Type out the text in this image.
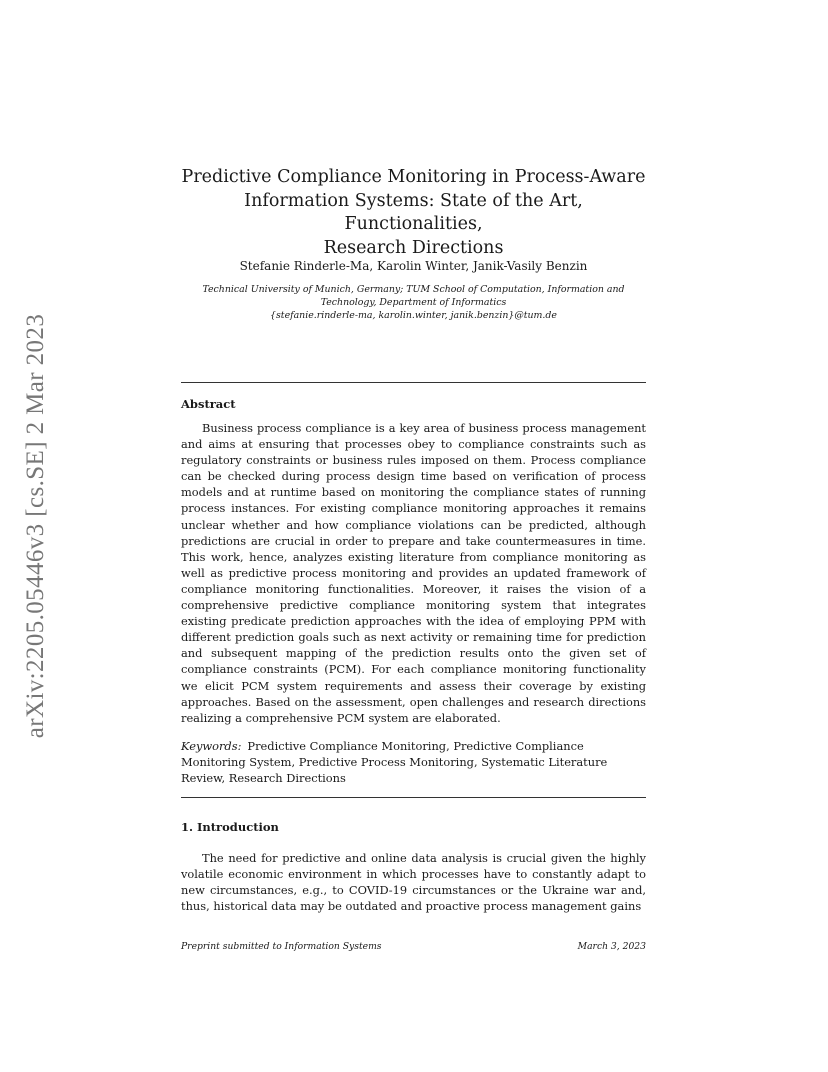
arXiv:2205.05446v3 [cs.SE] 2 Mar 2023
Predictive Compliance Monitoring in Process-Aware
Information Systems: State of the Art, Functionalities,
Research Directions
Stefanie Rinderle-Ma, Karolin Winter, Janik-Vasily Benzin
Technical University of Munich, Germany; TUM School of Computation, Information and
Technology, Department of Informatics
{stefanie.rinderle-ma, karolin.winter, janik.benzin}@tum.de
Abstract

Business process compliance is a key area of business process management and aims at ensuring that processes obey to compliance constraints such as regulatory constraints or business rules imposed on them. Process compliance can be checked during process design time based on verification of process models and at runtime based on monitoring the compliance states of running process instances. For existing compliance monitoring approaches it remains unclear whether and how compliance violations can be predicted, although predictions are crucial in order to prepare and take countermeasures in time. This work, hence, analyzes existing literature from compliance monitoring as well as predictive process monitoring and provides an updated framework of compliance monitoring functionalities. Moreover, it raises the vision of a comprehensive predictive compliance monitoring system that integrates existing predicate prediction approaches with the idea of employing PPM with different prediction goals such as next activity or remaining time for prediction and subsequent mapping of the prediction results onto the given set of compliance constraints (PCM). For each compliance monitoring functionality we elicit PCM system requirements and assess their coverage by existing approaches. Based on the assessment, open challenges and research directions realizing a comprehensive PCM system are elaborated.

Keywords: Predictive Compliance Monitoring, Predictive Compliance Monitoring System, Predictive Process Monitoring, Systematic Literature Review, Research Directions

1. Introduction

The need for predictive and online data analysis is crucial given the highly volatile economic environment in which processes have to constantly adapt to new circumstances, e.g., to COVID-19 circumstances or the Ukraine war and, thus, historical data may be outdated and proactive process management gains

Preprint submitted to Information Systems	March 3, 2023
